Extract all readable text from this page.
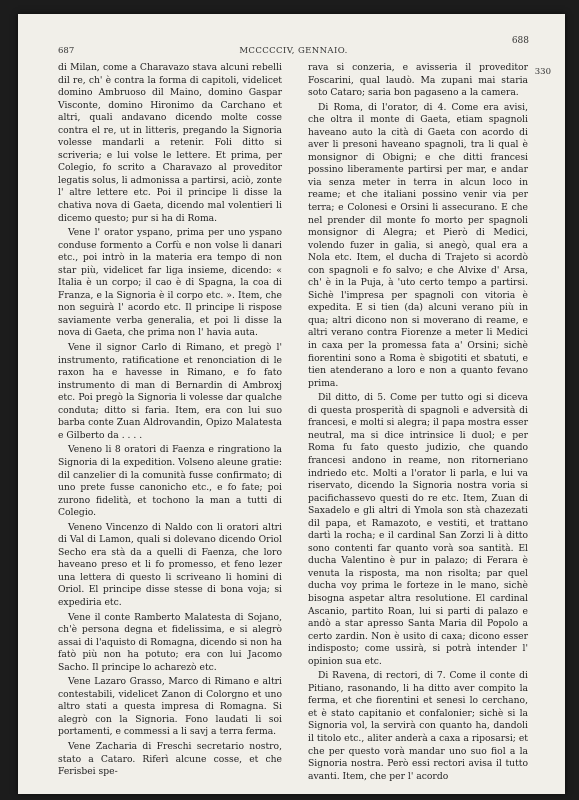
687	MCCCCCIV, GENNAIO.
688

di Milan, come a Charavazo stava alcuni rebelli dil re, ch' è contra la forma di capitoli, videlicet domino Ambruoso dil Maino, domino Gaspar Visconte, domino Hironimo da Carchano et altri, quali andavano dicendo molte cosse contra el re, ut in litteris, pregando la Signoria volesse mandarli a retenir. Foli ditto si scriveria; e lui volse le lettere. Et prima, per Colegio, fo scrito a Charavazo al proveditor legatis solus, li admonissa a partirsi, aciò, zonte l' altre lettere etc. Poi il principe li disse la chativa nova di Gaeta, dicendo mal volentieri li dicemo questo; pur si ha di Roma.

Vene l' orator yspano, prima per uno yspano conduse formento a Corfù e non volse li danari etc., poi intrò in la materia era tempo di non star più, videlicet far liga insieme, dicendo: « Italia è un corpo; il cao è di Spagna, la coa di Franza, e la Signoria è il corpo etc. ». Item, che non seguirà l' acordo etc. Il principe li rispose saviamente verba generalia, et poi li disse la nova di Gaeta, che prima non l' havia auta.

Vene il signor Carlo di Rimano, et pregò l' instrumento, ratificatione et renonciation di le raxon ha e havesse in Rimano, e fo fato instrumento di man di Bernardin di Ambroxj etc. Poi pregò la Signoria li volesse dar qualche conduta; ditto si faria. Item, era con lui suo barba conte Zuan Aldrovandin, Opizo Malatesta e Gilberto da . . . .

Veneno li 8 oratori di Faenza e ringrationo la Signoria di la expedition. Volseno aleune gratie: dil canzelier di la comunità fusse confirmato; di uno prete fusse canonicho etc., e fo fate; poi zurono fidelità, et tochono la man a tutti di Colegio.

Veneno Vincenzo di Naldo con li oratori altri di Val di Lamon, quali si dolevano dicendo Oriol Secho era stà da a quelli di Faenza, che loro haveano preso et li fo promesso, et feno lezer una lettera di questo li scriveano li homini di Oriol. El principe disse stesse di bona voja; si expediria etc.

Vene il conte Ramberto Malatesta di Sojano, ch'è persona degna et fidelissima, e si alegrò assai di l'aquisto di Romagna, dicendo si non ha fatò più non ha potuto; era con lui Jacomo Sacho. Il principe lo acharezò etc.

Vene Lazaro Grasso, Marco di Rimano e altri contestabili, videlicet Zanon di Colorgno et uno altro stati a questa impresa di Romagna. Si alegrò con la Signoria. Fono laudati li soi portamenti, e commessi a li savj a terra ferma.

Vene Zacharia di Freschi secretario nostro, stato a Cataro. Riferì alcune cosse, et che Ferisbei spe-

rava si conzeria, e avisseria il proveditor Foscarini, qual laudò. Ma zupani mai staria soto Cataro; saria bon pagaseno a la camera.

Di Roma, di l'orator, di 4. Come era avisi, che oltra il monte di Gaeta, etiam spagnoli haveano auto la cità di Gaeta con acordo di aver li presoni haveano spagnoli, tra li qual è monsignor di Obigni; e che ditti francesi possino liberamente partirsi per mar, e andar via senza meter in terra in alcun loco in reame; et che italiani possino venir via per terra; e Colonesi e Orsini li assecurano. E che nel prender dil monte fo morto per spagnoli monsignor di Alegra; et Pierò di Medici, volendo fuzer in galia, si anegò, qual era a Nola etc. Item, el ducha di Trajeto si acordò con spagnoli e fo salvo; e che Alvixe d' Arsa, ch' è in la Puja, à 'uto certo tempo a partirsi. Sichè l'impresa per spagnoli con vitoria è expedita. E si tien (da) alcuni verano più in qua; altri dicono non si moverano di reame, e altri verano contra Fiorenze a meter li Medici in caxa per la promessa fata a' Orsini; sichè fiorentini sono a Roma è sbigotiti et sbatuti, e tien atenderano a loro e non a quanto fevano prima.

Dil ditto, di 5. Come per tutto ogi si diceva di questa prosperità di spagnoli e adversità di francesi, e molti si alegra; il papa mostra esser neutral, ma si dice intrinsice li duol; e per Roma fu fato questo judizio, che quando francesi andono in reame, non ritorneriano indriedo etc. Molti a l'orator li parla, e lui va riservato, dicendo la Signoria nostra voria si pacifichassevo questi do re etc. Item, Zuan di Saxadelo e gli altri di Ymola son stà chazezati dil papa, et Ramazoto, e vestiti, et trattano dartì la rocha; e il cardinal San Zorzi li à ditto sono contenti far quanto vorà soa santità. El ducha Valentino è pur in palazo; di Ferara è venuta la risposta, ma non risolta; par quel ducha voy prima le forteze in le mano, sichè bisogna aspetar altra resolutione. El cardinal Ascanio, partito Roan, lui si parti di palazo e andò a star apresso Santa Maria dil Popolo a certo zardin. Non è usito di caxa; dicono esser indisposto; come ussirà, si potrà intender l' opinion sua etc.

Di Ravena, di rectori, di 7. Come il conte di Pitiano, rasonando, li ha ditto aver compito la ferma, et che fiorentini et senesi lo cerchano, et è stato capitanio et confalonier; sichè si la Signoria vol, la servirà con quanto ha, dandoli il titolo etc., aliter anderà a caxa a riposarsi; et che per questo vorà mandar uno suo fiol a la Signoria nostra. Però essi rectori avisa il tutto avanti. Item, che per l' acordo

330
